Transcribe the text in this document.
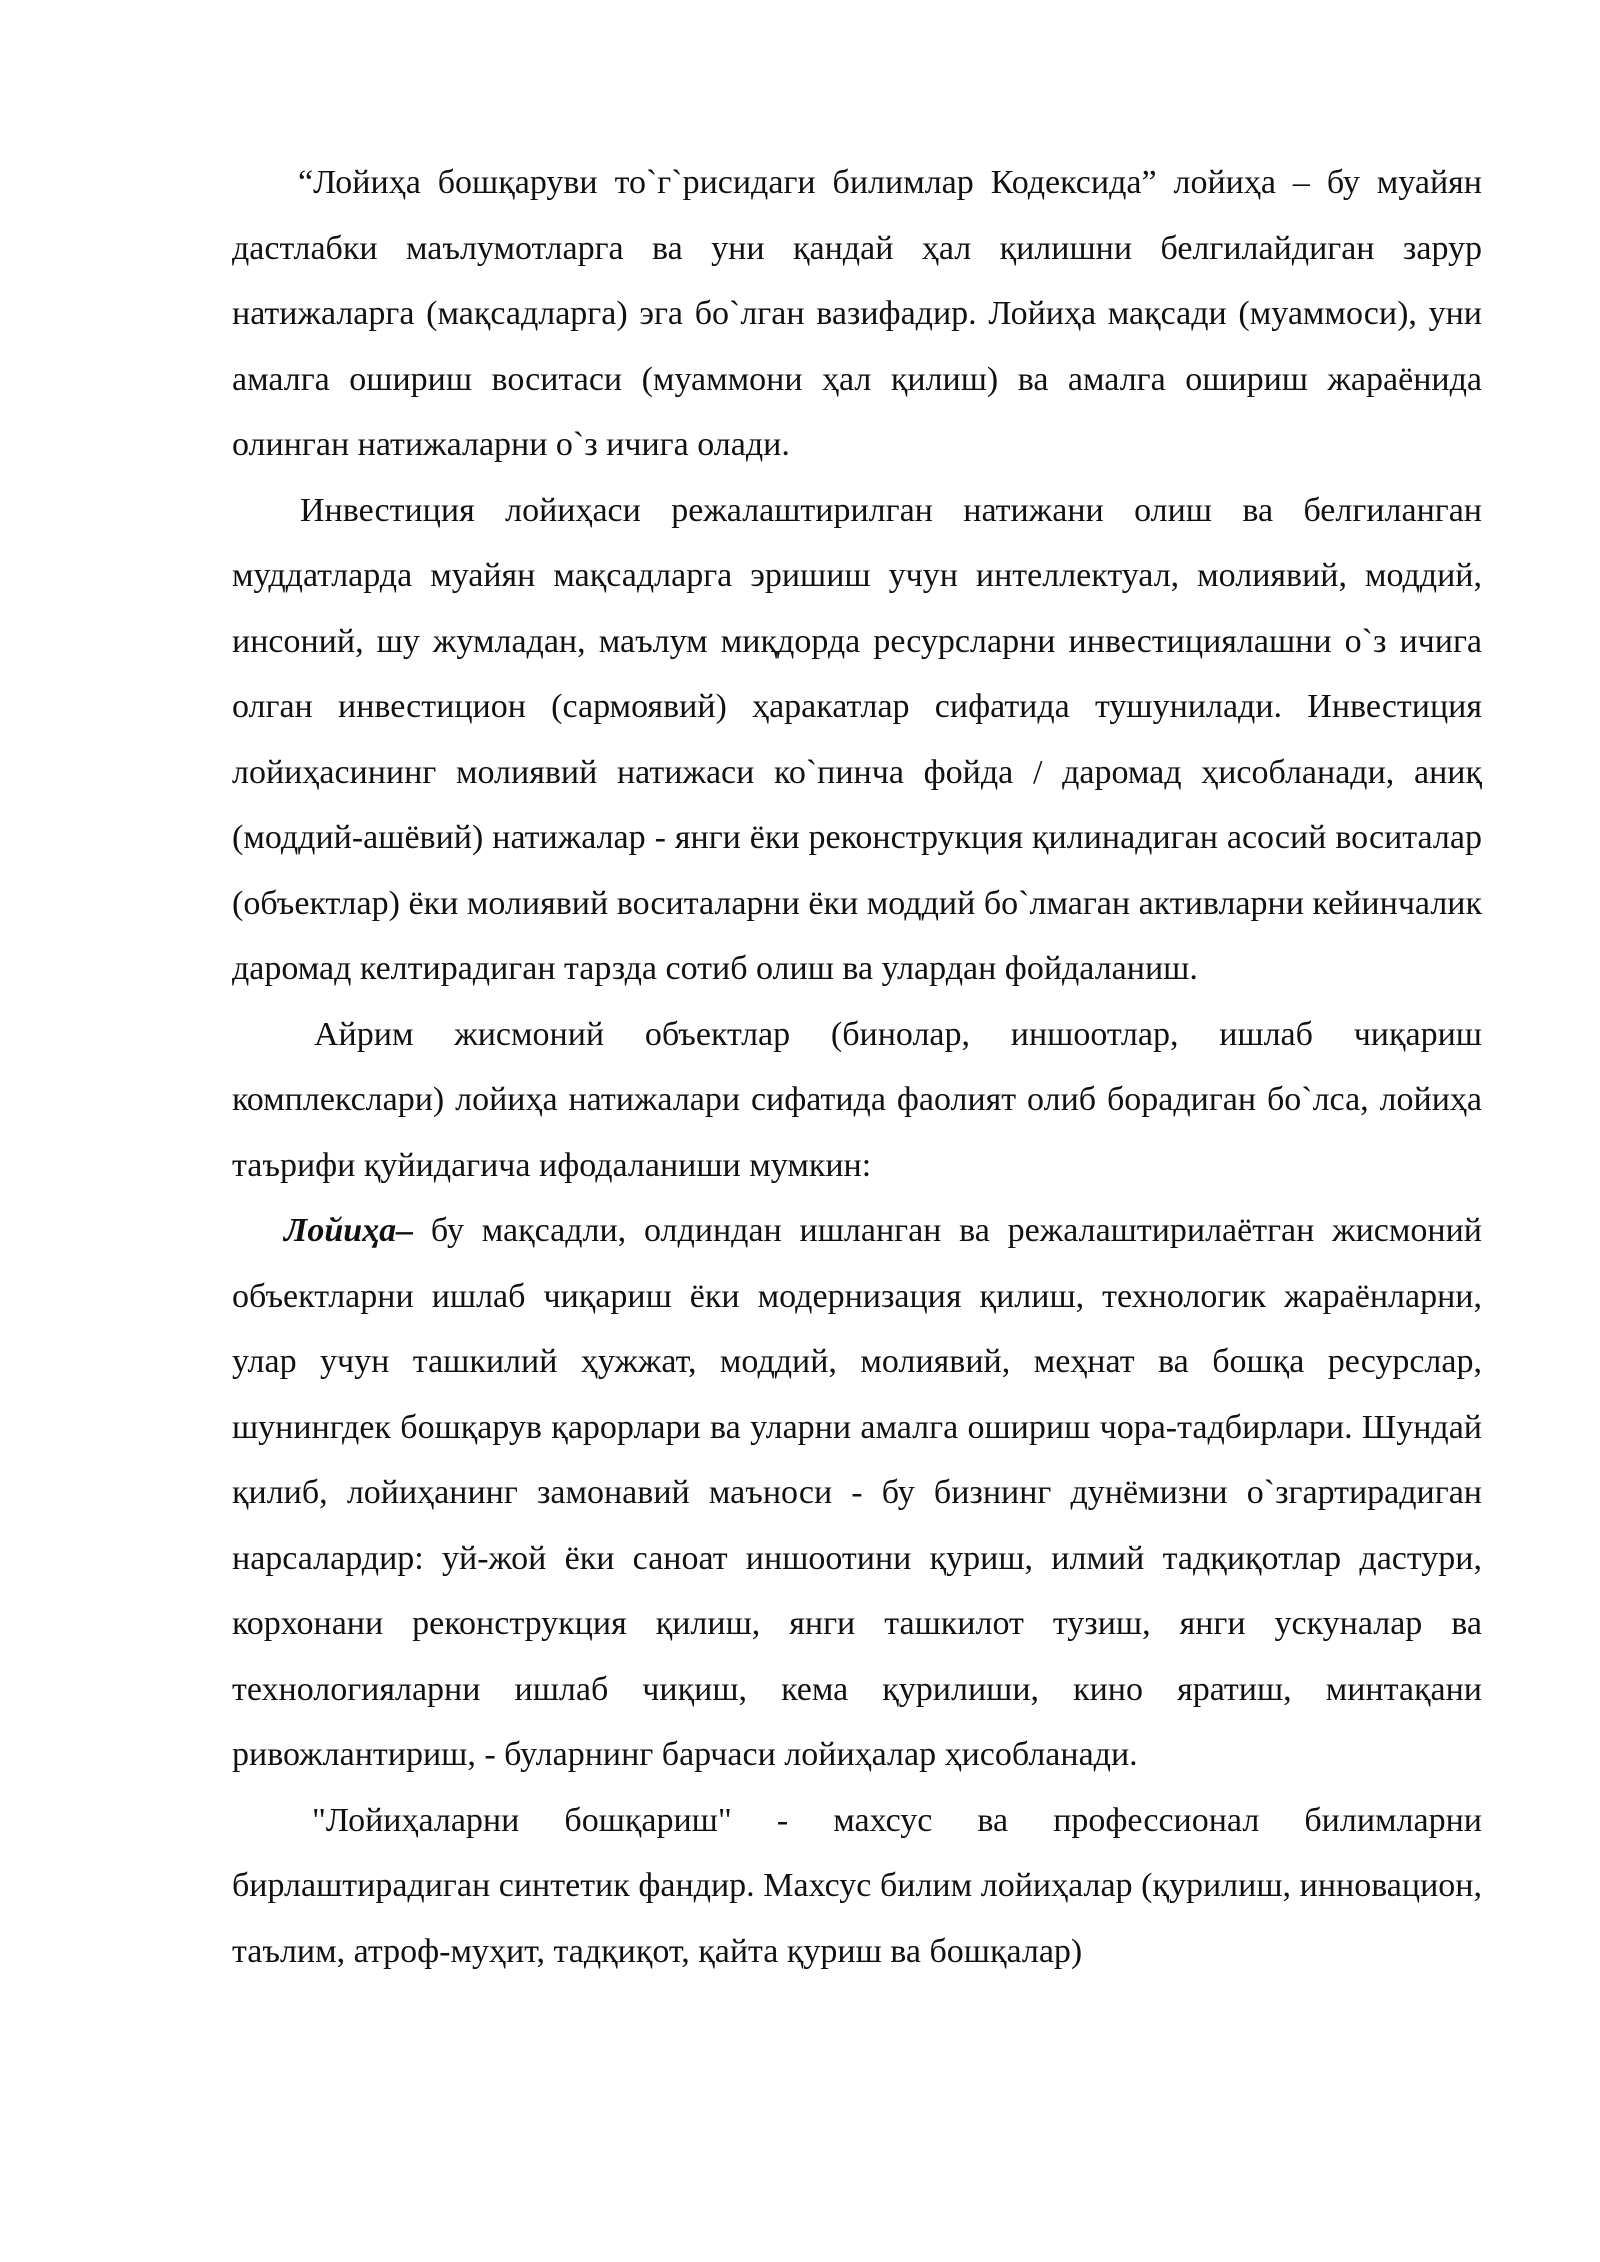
“Лойиҳа бошқаруви то`г`рисидаги билимлар Кодексида” лойиҳа – бу муайян дастлабки маълумотларга ва уни қандай ҳал қилишни белгилайдиган зарур натижаларга (мақсадларга) эга бо`лган вазифадир. Лойиҳа мақсади (муаммоси), уни амалга ошириш воситаси (муаммони ҳал қилиш) ва амалга ошириш жараёнида олинган натижаларни о`з ичига олади.

Инвестиция лойиҳаси режалаштирилган натижани олиш ва белгиланган муддатларда муайян мақсадларга эришиш учун интеллектуал, молиявий, моддий, инсоний, шу жумладан, маълум миқдорда ресурсларни инвестициялашни о`з ичига олган инвестицион (сармоявий) ҳаракатлар сифатида тушунилади. Инвестиция лойиҳасининг молиявий натижаси ко`пинча фойда / даромад ҳисобланади, аниқ (моддий-ашёвий) натижалар - янги ёки реконструкция қилинадиган асосий воситалар (объектлар) ёки молиявий воситаларни ёки моддий бо`лмаган активларни кейинчалик даромад келтирадиган тарзда сотиб олиш ва улардан фойдаланиш.

Айрим жисмоний объектлар (бинолар, иншоотлар, ишлаб чиқариш комплекслари) лойиҳа натижалари сифатида фаолият олиб борадиган бо`лса, лойиҳа таърифи қуйидагича ифодаланиши мумкин:

Лойиҳа– бу мақсадли, олдиндан ишланган ва режалаштирилаётган жисмоний объектларни ишлаб чиқариш ёки модернизация қилиш, технологик жараёнларни, улар учун ташкилий ҳужжат, моддий, молиявий, меҳнат ва бошқа ресурслар, шунингдек бошқарув қарорлари ва уларни амалга ошириш чора-тадбирлари. Шундай қилиб, лойиҳанинг замонавий маъноси - бу бизнинг дунёмизни о`згартирадиган нарсалардир: уй-жой ёки саноат иншоотини қуриш, илмий тадқиқотлар дастури, корхонани реконструкция қилиш, янги ташкилот тузиш, янги ускуналар ва технологияларни ишлаб чиқиш, кема қурилиши, кино яратиш, минтақани ривожлантириш, - буларнинг барчаси лойиҳалар ҳисобланади.

"Лойиҳаларни бошқариш" - махсус ва профессионал билимларни бирлаштирадиган синтетик фандир. Махсус билим лойиҳалар (қурилиш, инновацион, таълим, атроф-муҳит, тадқиқот, қайта қуриш ва бошқалар)
